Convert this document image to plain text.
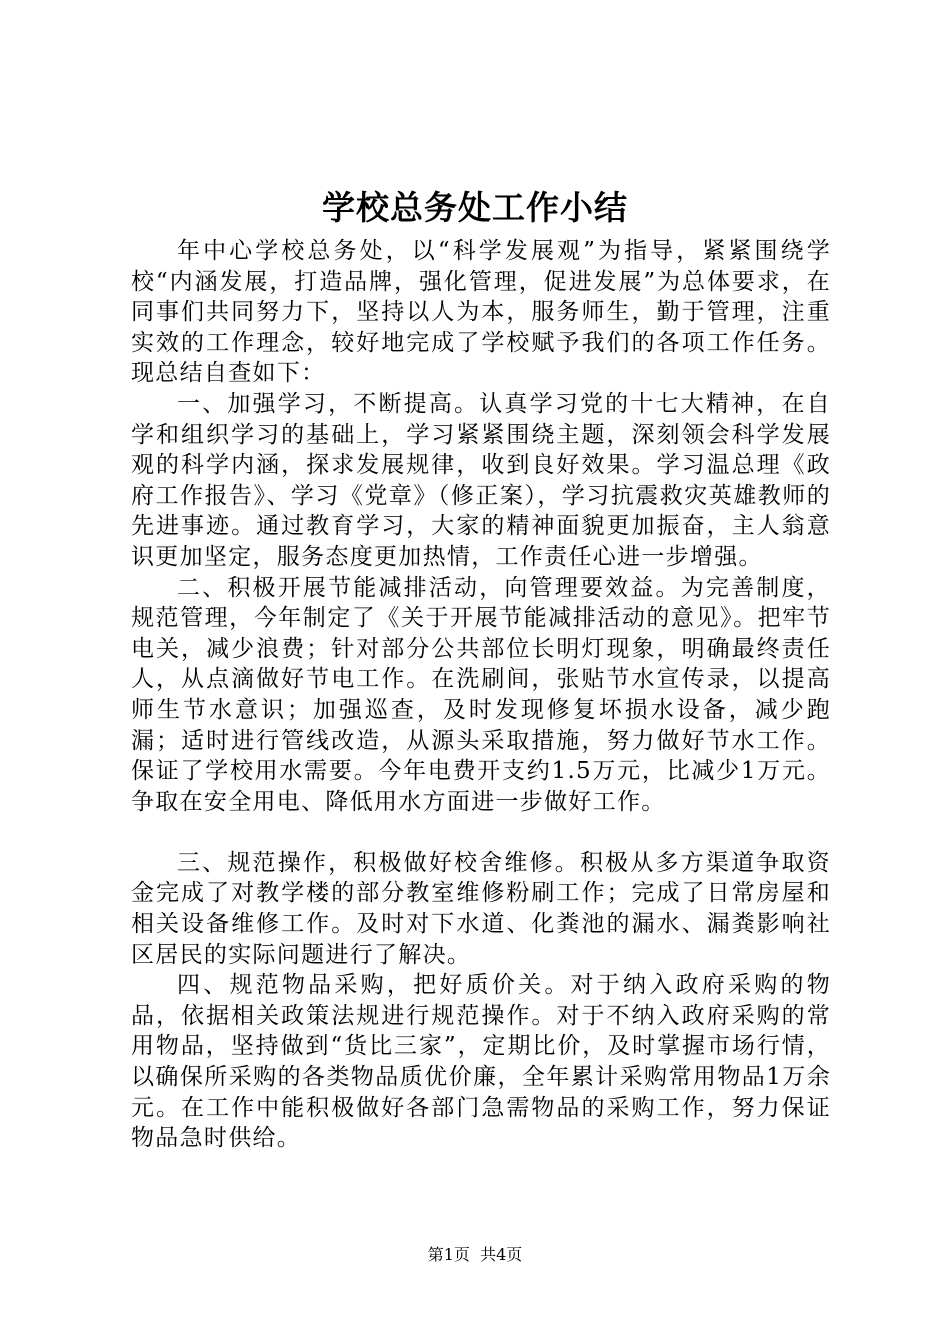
学校总务处工作小结

年中心学校总务处，以“科学发展观”为指导，紧紧围绕学校“内涵发展，打造品牌，强化管理，促进发展”为总体要求，在同事们共同努力下，坚持以人为本，服务师生，勤于管理，注重实效的工作理念，较好地完成了学校赋予我们的各项工作任务。现总结自查如下：

一、加强学习，不断提高。认真学习党的十七大精神，在自学和组织学习的基础上，学习紧紧围绕主题，深刻领会科学发展观的科学内涵，探求发展规律，收到良好效果。学习温总理《政府工作报告》、学习《党章》（修正案），学习抗震救灾英雄教师的先进事迹。通过教育学习，大家的精神面貌更加振奋，主人翁意识更加坚定，服务态度更加热情，工作责任心进一步增强。

二、积极开展节能减排活动，向管理要效益。为完善制度，规范管理，今年制定了《关于开展节能减排活动的意见》。把牢节电关，减少浪费；针对部分公共部位长明灯现象，明确最终责任人，从点滴做好节电工作。在洗刷间，张贴节水宣传录，以提高师生节水意识；加强巡查，及时发现修复坏损水设备，减少跑漏；适时进行管线改造，从源头采取措施，努力做好节水工作。保证了学校用水需要。今年电费开支约1.5万元，比减少1万元。争取在安全用电、降低用水方面进一步做好工作。

三、规范操作，积极做好校舍维修。积极从多方渠道争取资金完成了对教学楼的部分教室维修粉刷工作；完成了日常房屋和相关设备维修工作。及时对下水道、化粪池的漏水、漏粪影响社区居民的实际问题进行了解决。

四、规范物品采购，把好质价关。对于纳入政府采购的物品，依据相关政策法规进行规范操作。对于不纳入政府采购的常用物品，坚持做到“货比三家”，定期比价，及时掌握市场行情，以确保所采购的各类物品质优价廉，全年累计采购常用物品1万余元。在工作中能积极做好各部门急需物品的采购工作，努力保证物品急时供给。

第1页  共4页
